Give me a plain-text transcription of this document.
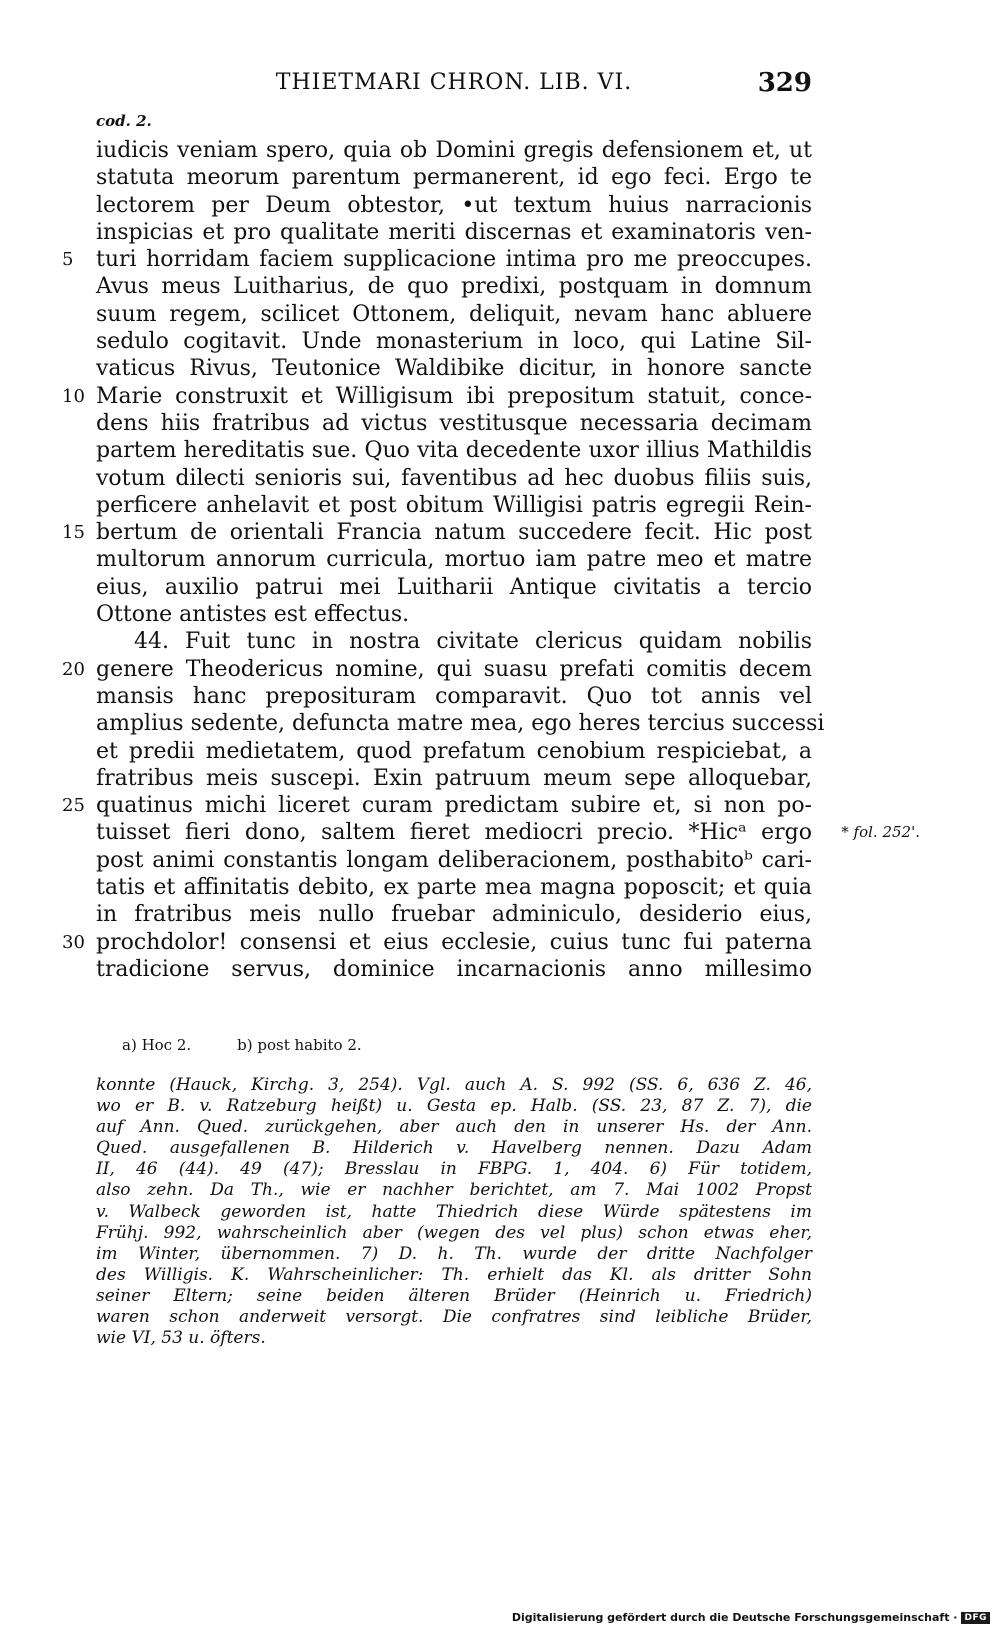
THIETMARI CHRON. LIB. VI.	329
cod. 2.
iudicis veniam spero, quia ob Domini gregis defensionem et, ut
statuta meorum parentum permanerent, id ego feci. Ergo te
lectorem per Deum obtestor, •ut textum huius narracionis
inspicias et pro qualitate meriti discernas et examinatoris ven-
5	turi horridam faciem supplicacione intima pro me preoccupes.
Avus meus Luitharius, de quo predixi, postquam in domnum
suum regem, scilicet Ottonem, deliquit, nevam hanc abluere
sedulo cogitavit. Unde monasterium in loco, qui Latine Sil-
vaticus Rivus, Teutonice Waldibike dicitur, in honore sancte
10 Marie construxit et Willigisum ibi prepositum statuit, conce-
dens hiis fratribus ad victus vestitusque necessaria decimam
partem hereditatis sue. Quo vita decedente uxor illius Mathildis
votum dilecti senioris sui, faventibus ad hec duobus filiis suis,
perficere anhelavit et post obitum Willigisi patris egregii Rein-
15 bertum de orientali Francia natum succedere fecit. Hic post
multorum annorum curricula, mortuo iam patre meo et matre
eius, auxilio patrui mei Luitharii Antique civitatis a tercio
Ottone antistes est effectus.
44. Fuit tunc in nostra civitate clericus quidam nobilis
20 genere Theodericus nomine, qui suasu prefati comitis decem
mansis hanc preposituram comparavit. Quo tot annis vel
amplius sedente, defuncta matre mea, ego heres tercius successi
et predii medietatem, quod prefatum cenobium respiciebat, a
fratribus meis suscepi. Exin patruum meum sepe alloquebar,
25 quatinus michi liceret curam predictam subire et, si non po-
tuisset fieri dono, saltem fieret mediocri precio. *Hicᵃ ergo * fol. 252'.
post animi constantis longam deliberacionem, posthabitoᵇ cari-
tatis et affinitatis debito, ex parte mea magna poposcit; et quia
in fratribus meis nullo fruebar adminiculo, desiderio eius,
30 prochdolor! consensi et eius ecclesie, cuius tunc fui paterna
tradicione servus, dominice incarnacionis anno millesimo
a) Hoc 2.	b) post habito 2.
konnte (Hauck, Kirchg. 3, 254). Vgl. auch A. S. 992 (SS. 6, 636 Z. 46,
wo er B. v. Ratzeburg heißt) u. Gesta ep. Halb. (SS. 23, 87 Z. 7), die
auf Ann. Qued. zurückgehen, aber auch den in unserer Hs. der Ann.
Qued. ausgefallenen B. Hilderich v. Havelberg nennen. Dazu Adam
II, 46 (44). 49 (47); Bresslau in FBPG. 1, 404. 6) Für totidem,
also zehn. Da Th., wie er nachher berichtet, am 7. Mai 1002 Propst
v. Walbeck geworden ist, hatte Thiedrich diese Würde spätestens im
Frühj. 992, wahrscheinlich aber (wegen des vel plus) schon etwas eher,
im Winter, übernommen. 7) D. h. Th. wurde der dritte Nachfolger
des Willigis. K. Wahrscheinlicher: Th. erhielt das Kl. als dritter Sohn
seiner Eltern; seine beiden älteren Brüder (Heinrich u. Friedrich)
waren schon anderweit versorgt. Die confratres sind leibliche Brüder,
wie VI, 53 u. öfters.
Digitalisierung gefördert durch die Deutsche Forschungsgemeinschaft · DFG
